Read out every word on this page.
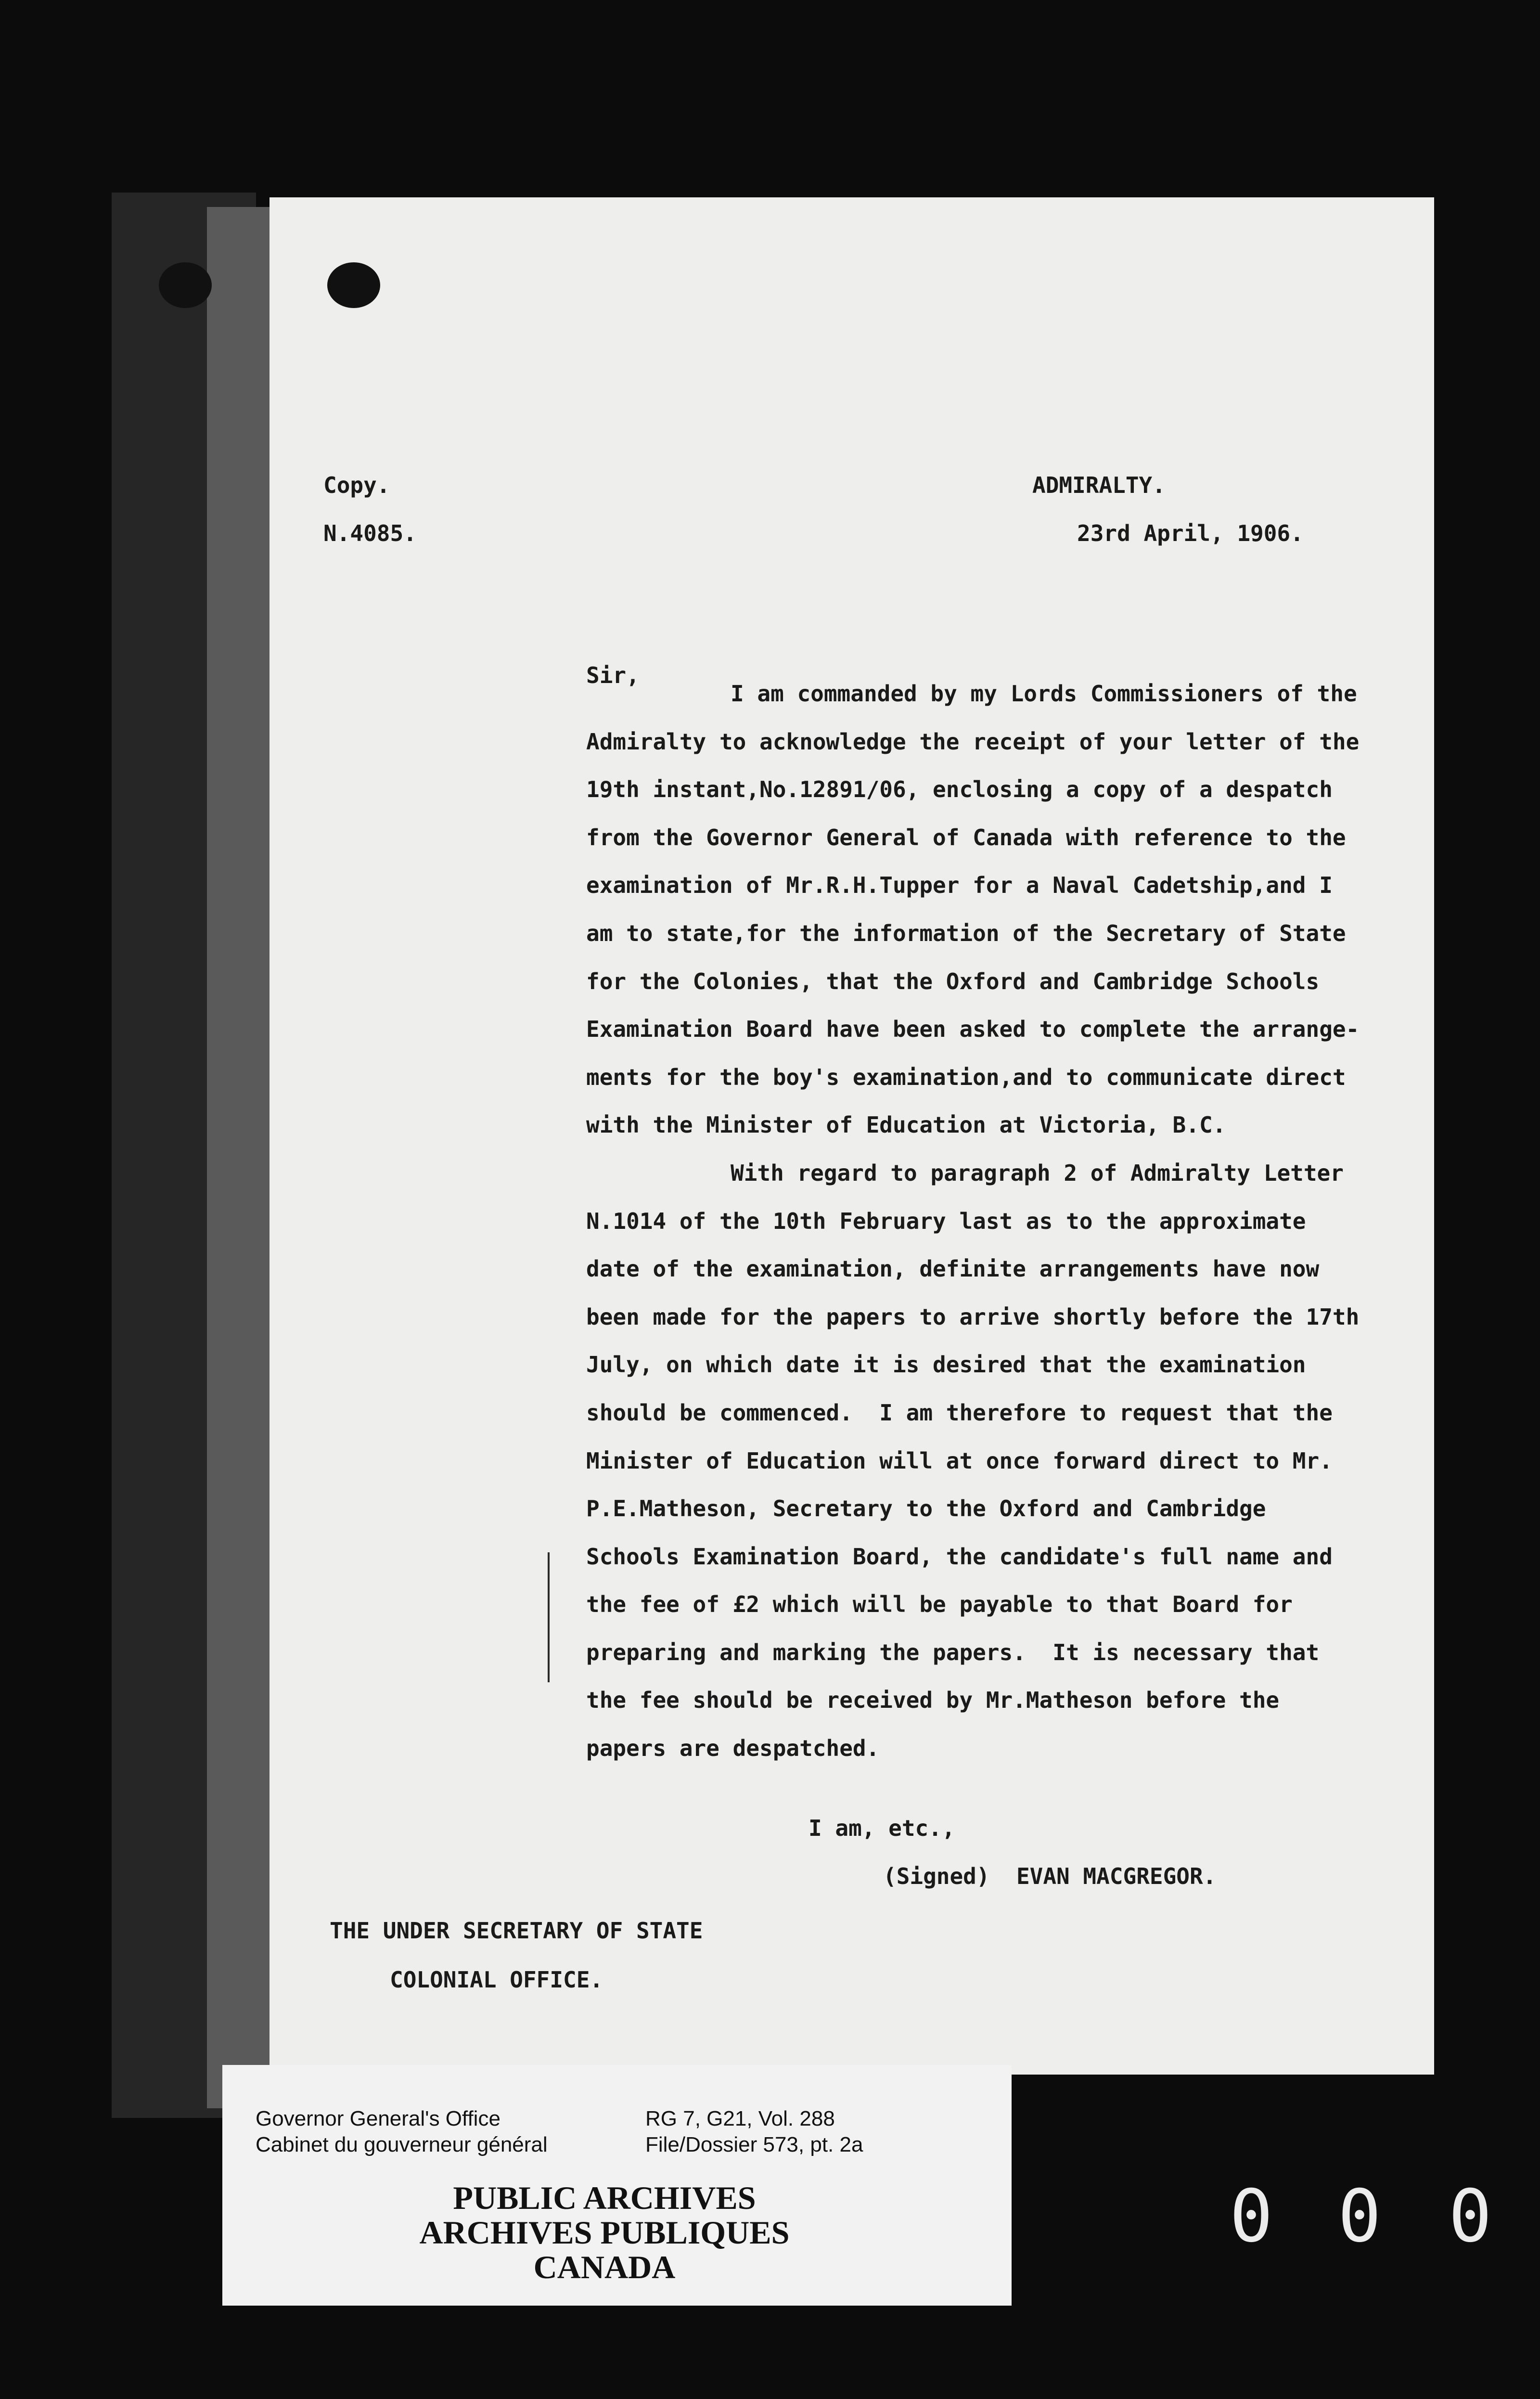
Copy.
N.4085.
ADMIRALTY.
23rd April, 1906.
Sir,
I am commanded by my Lords Commissioners of the
Admiralty to acknowledge the receipt of your letter of the
19th instant,No.12891/06, enclosing a copy of a despatch
from the Governor General of Canada with reference to the
examination of Mr.R.H.Tupper for a Naval Cadetship,and I
am to state,for the information of the Secretary of State
for the Colonies, that the Oxford and Cambridge Schools
Examination Board have been asked to complete the arrange-
ments for the boy's examination,and to communicate direct
with the Minister of Education at Victoria, B.C.
With regard to paragraph 2 of Admiralty Letter
N.1014 of the 10th February last as to the approximate
date of the examination, definite arrangements have now
been made for the papers to arrive shortly before the 17th
July, on which date it is desired that the examination
should be commenced.  I am therefore to request that the
Minister of Education will at once forward direct to Mr.
P.E.Matheson, Secretary to the Oxford and Cambridge
Schools Examination Board, the candidate's full name and
the fee of £2 which will be payable to that Board for
preparing and marking the papers.  It is necessary that
the fee should be received by Mr.Matheson before the
papers are despatched.
I am, etc.,
(Signed)  EVAN MACGREGOR.
THE UNDER SECRETARY OF STATE
COLONIAL OFFICE.
Governor General's Office
Cabinet du gouverneur général
RG 7, G21, Vol. 288
File/Dossier 573, pt. 2a
PUBLIC ARCHIVES
ARCHIVES PUBLIQUES
CANADA
0 0 0
